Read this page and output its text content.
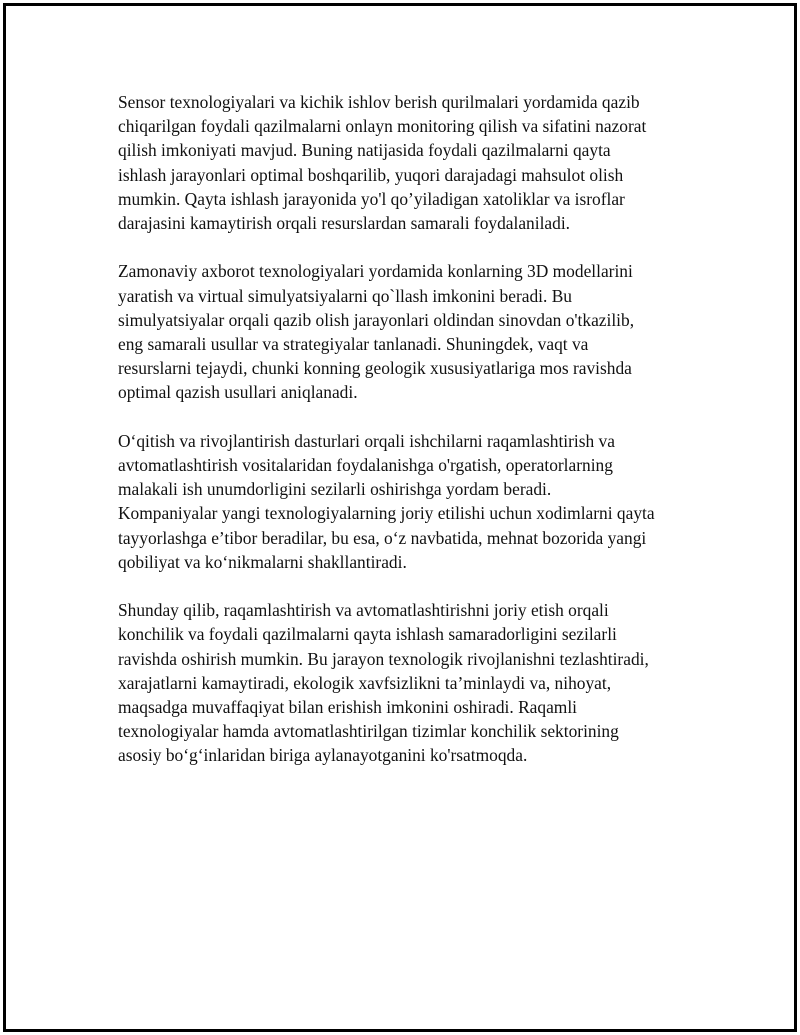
Sensor texnologiyalari va kichik ishlov berish qurilmalari yordamida qazib
chiqarilgan foydali qazilmalarni onlayn monitoring qilish va sifatini nazorat
qilish imkoniyati mavjud. Buning natijasida foydali qazilmalarni qayta
ishlash jarayonlari optimal boshqarilib, yuqori darajadagi mahsulot olish
mumkin. Qayta ishlash jarayonida yo'l qo’yiladigan xatoliklar va isroflar
darajasini kamaytirish orqali resurslardan samarali foydalaniladi.

Zamonaviy axborot texnologiyalari yordamida konlarning 3D modellarini
yaratish va virtual simulyatsiyalarni qo`llash imkonini beradi. Bu
simulyatsiyalar orqali qazib olish jarayonlari oldindan sinovdan o'tkazilib,
eng samarali usullar va strategiyalar tanlanadi. Shuningdek, vaqt va
resurslarni tejaydi, chunki konning geologik xususiyatlariga mos ravishda
optimal qazish usullari aniqlanadi.

O‘qitish va rivojlantirish dasturlari orqali ishchilarni raqamlashtirish va
avtomatlashtirish vositalaridan foydalanishga o'rgatish, operatorlarning
malakali ish unumdorligini sezilarli oshirishga yordam beradi.
Kompaniyalar yangi texnologiyalarning joriy etilishi uchun xodimlarni qayta
tayyorlashga e’tibor beradilar, bu esa, o‘z navbatida, mehnat bozorida yangi
qobiliyat va ko‘nikmalarni shakllantiradi.

Shunday qilib, raqamlashtirish va avtomatlashtirishni joriy etish orqali
konchilik va foydali qazilmalarni qayta ishlash samaradorligini sezilarli
ravishda oshirish mumkin. Bu jarayon texnologik rivojlanishni tezlashtiradi,
xarajatlarni kamaytiradi, ekologik xavfsizlikni ta’minlaydi va, nihoyat,
maqsadga muvaffaqiyat bilan erishish imkonini oshiradi. Raqamli
texnologiyalar hamda avtomatlashtirilgan tizimlar konchilik sektorining
asosiy bo‘g‘inlaridan biriga aylanayotganini ko'rsatmoqda.
